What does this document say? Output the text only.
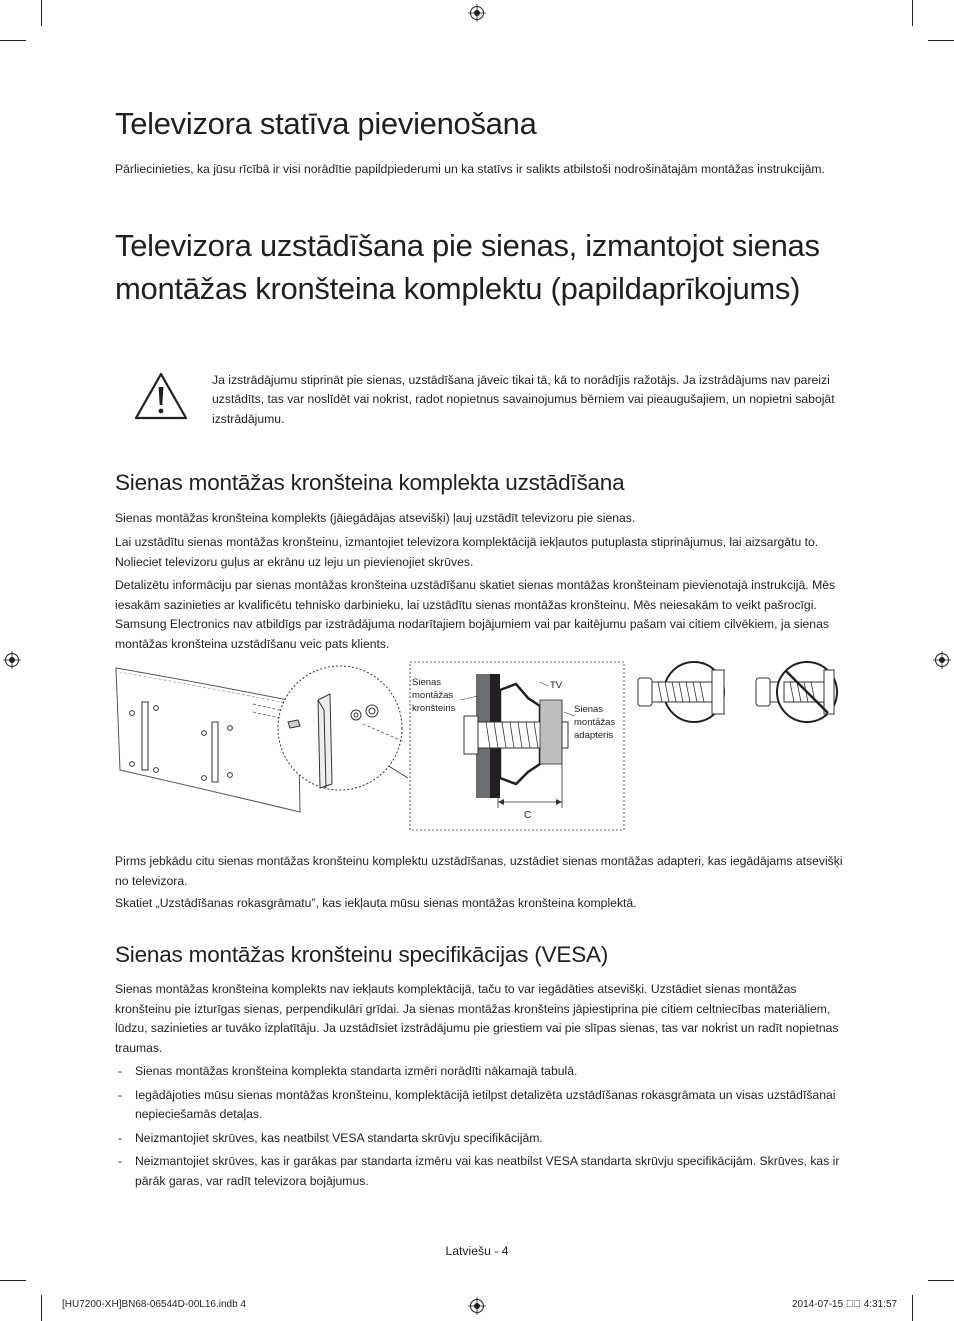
Televizora statīva pievienošana

Pārliecinieties, ka jūsu rīcībā ir visi norādītie papildpiederumi un ka statīvs ir salikts atbilstoši nodrošinātajām montāžas instrukcijām.

Televizora uzstādīšana pie sienas, izmantojot sienas montāžas kronšteina komplektu (papildaprīkojums)

Ja izstrādājumu stiprināt pie sienas, uzstādīšana jāveic tikai tā, kā to norādījis ražotājs. Ja izstrādājums nav pareizi uzstādīts, tas var noslīdēt vai nokrist, radot nopietnus savainojumus bērniem vai pieaugušajiem, un nopietni sabojāt izstrādājumu.

Sienas montāžas kronšteina komplekta uzstādīšana

Sienas montāžas kronšteina komplekts (jāiegādājas atsevišķi) ļauj uzstādīt televizoru pie sienas.

Lai uzstādītu sienas montāžas kronšteinu, izmantojiet televizora komplektācijā iekļautos putuplasta stiprinājumus, lai aizsargātu to. Nolieciet televizoru guļus ar ekrānu uz leju un pievienojiet skrūves.

Detalizētu informāciju par sienas montāžas kronšteina uzstādīšanu skatiet sienas montāžas kronšteinam pievienotajā instrukcijā. Mēs iesakām sazinieties ar kvalificētu tehnisko darbinieku, lai uzstādītu sienas montāžas kronšteinu. Mēs neiesakām to veikt pašrocīgi. Samsung Electronics nav atbildīgs par izstrādājuma nodarītajiem bojājumiem vai par kaitējumu pašam vai citiem cilvēkiem, ja sienas montāžas kronšteina uzstādīšanu veic pats klients.

Sienas
montāžas
kronšteins
TV
Sienas
montāžas
adapteris
C

Pirms jebkādu citu sienas montāžas kronšteinu komplektu uzstādīšanas, uzstādiet sienas montāžas adapteri, kas iegādājams atsevišķi no televizora.

Skatiet „Uzstādīšanas rokasgrāmatu”, kas iekļauta mūsu sienas montāžas kronšteina komplektā.

Sienas montāžas kronšteinu specifikācijas (VESA)

Sienas montāžas kronšteina komplekts nav iekļauts komplektācijā, taču to var iegādāties atsevišķi. Uzstādiet sienas montāžas kronšteinu pie izturīgas sienas, perpendikulāri grīdai. Ja sienas montāžas kronšteins jāpiestiprina pie citiem celtniecības materiāliem, lūdzu, sazinieties ar tuvāko izplatītāju. Ja uzstādīsiet izstrādājumu pie griestiem vai pie slīpas sienas, tas var nokrist un radīt nopietnas traumas.

- Sienas montāžas kronšteina komplekta standarta izmēri norādīti nākamajā tabulā.
- Iegādājoties mūsu sienas montāžas kronšteinu, komplektācijā ietilpst detalizēta uzstādīšanas rokasgrāmata un visas uzstādīšanai nepieciešamās detaļas.
- Neizmantojiet skrūves, kas neatbilst VESA standarta skrūvju specifikācijām.
- Neizmantojiet skrūves, kas ir garākas par standarta izmēru vai kas neatbilst VESA standarta skrūvju specifikācijām. Skrūves, kas ir pārāk garas, var radīt televizora bojājumus.
Latviešu - 4
[HU7200-XH]BN68-06544D-00L16.indb 4	2014-07-15 ￿￿ 4:31:57
